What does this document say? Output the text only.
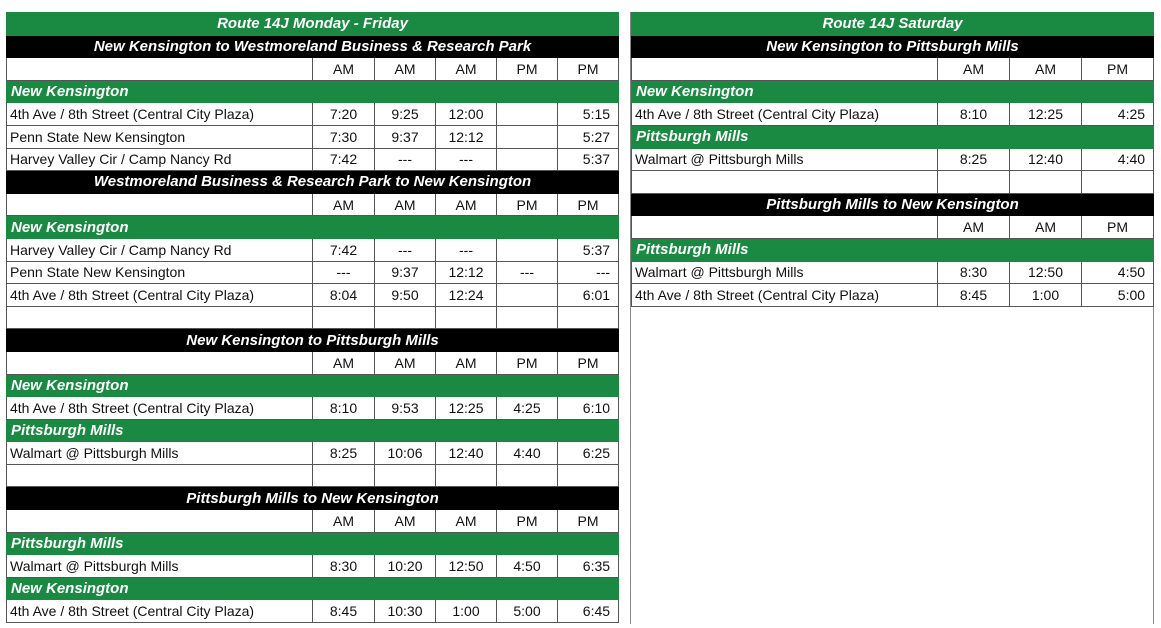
Route 14J Monday - Friday					
New Kensington to Westmoreland Business & Research Park					
	AM	AM	AM	PM	PM
New Kensington					
4th Ave / 8th Street (Central City Plaza)	7:20	9:25	12:00		5:15
Penn State New Kensington	7:30	9:37	12:12		5:27
Harvey Valley Cir / Camp Nancy Rd	7:42	---	---		5:37
Westmoreland Business & Research Park to New Kensington					
	AM	AM	AM	PM	PM
New Kensington					
Harvey Valley Cir / Camp Nancy Rd	7:42	---	---		5:37
Penn State New Kensington	---	9:37	12:12	---	---
4th Ave / 8th Street (Central City Plaza)	8:04	9:50	12:24		6:01

New Kensington to Pittsburgh Mills					
	AM	AM	AM	PM	PM
New Kensington					
4th Ave / 8th Street (Central City Plaza)	8:10	9:53	12:25	4:25	6:10
Pittsburgh Mills					
Walmart @ Pittsburgh Mills	8:25	10:06	12:40	4:40	6:25

Pittsburgh Mills to New Kensington					
	AM	AM	AM	PM	PM
Pittsburgh Mills					
Walmart @ Pittsburgh Mills	8:30	10:20	12:50	4:50	6:35
New Kensington					
4th Ave / 8th Street (Central City Plaza)	8:45	10:30	1:00	5:00	6:45
Route 14J Saturday			
New Kensington to Pittsburgh Mills			
	AM	AM	PM
New Kensington			
4th Ave / 8th Street (Central City Plaza)	8:10	12:25	4:25
Pittsburgh Mills			
Walmart @ Pittsburgh Mills	8:25	12:40	4:40

Pittsburgh Mills to New Kensington			
	AM	AM	PM
Pittsburgh Mills			
Walmart @ Pittsburgh Mills	8:30	12:50	4:50
4th Ave / 8th Street (Central City Plaza)	8:45	1:00	5:00
